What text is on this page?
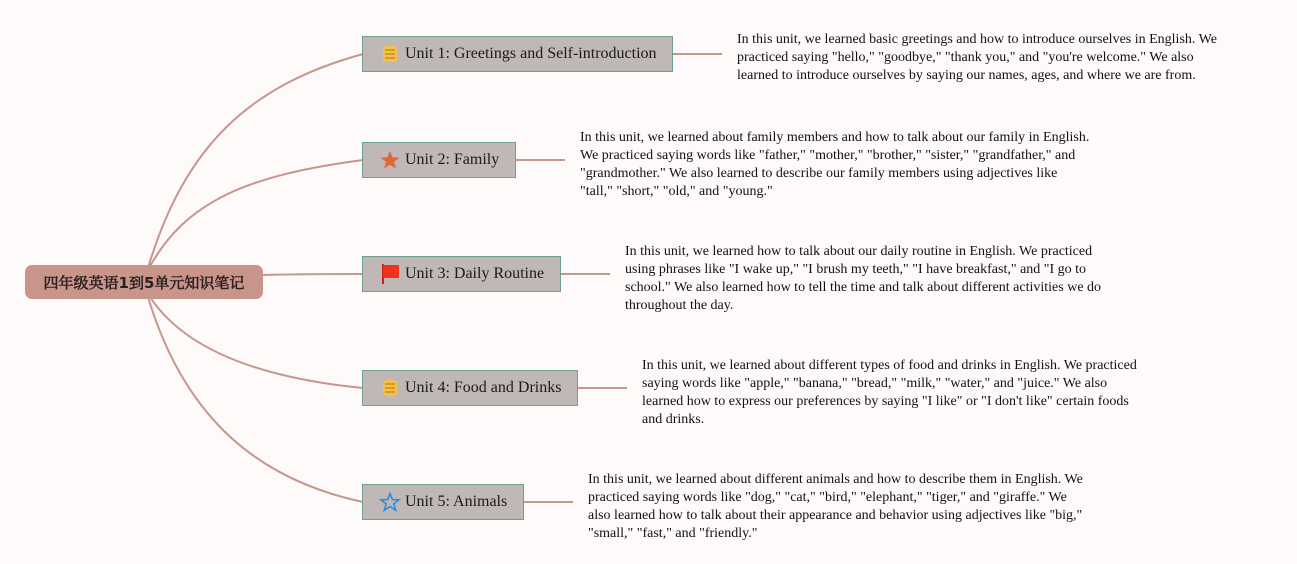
四年级英语1到5单元知识笔记
Unit 1: Greetings and Self-introduction
In this unit, we learned basic greetings and how to introduce ourselves in English. We practiced saying "hello," "goodbye," "thank you," and "you're welcome." We also learned to introduce ourselves by saying our names, ages, and where we are from.
Unit 2: Family
In this unit, we learned about family members and how to talk about our family in English. We practiced saying words like "father," "mother," "brother," "sister," "grandfather," and "grandmother." We also learned to describe our family members using adjectives like "tall," "short," "old," and "young."
Unit 3: Daily Routine
In this unit, we learned how to talk about our daily routine in English. We practiced using phrases like "I wake up," "I brush my teeth," "I have breakfast," and "I go to school." We also learned how to tell the time and talk about different activities we do throughout the day.
Unit 4: Food and Drinks
In this unit, we learned about different types of food and drinks in English. We practiced saying words like "apple," "banana," "bread," "milk," "water," and "juice." We also learned how to express our preferences by saying "I like" or "I don't like" certain foods and drinks.
Unit 5: Animals
In this unit, we learned about different animals and how to describe them in English. We practiced saying words like "dog," "cat," "bird," "elephant," "tiger," and "giraffe." We also learned how to talk about their appearance and behavior using adjectives like "big," "small," "fast," and "friendly."
